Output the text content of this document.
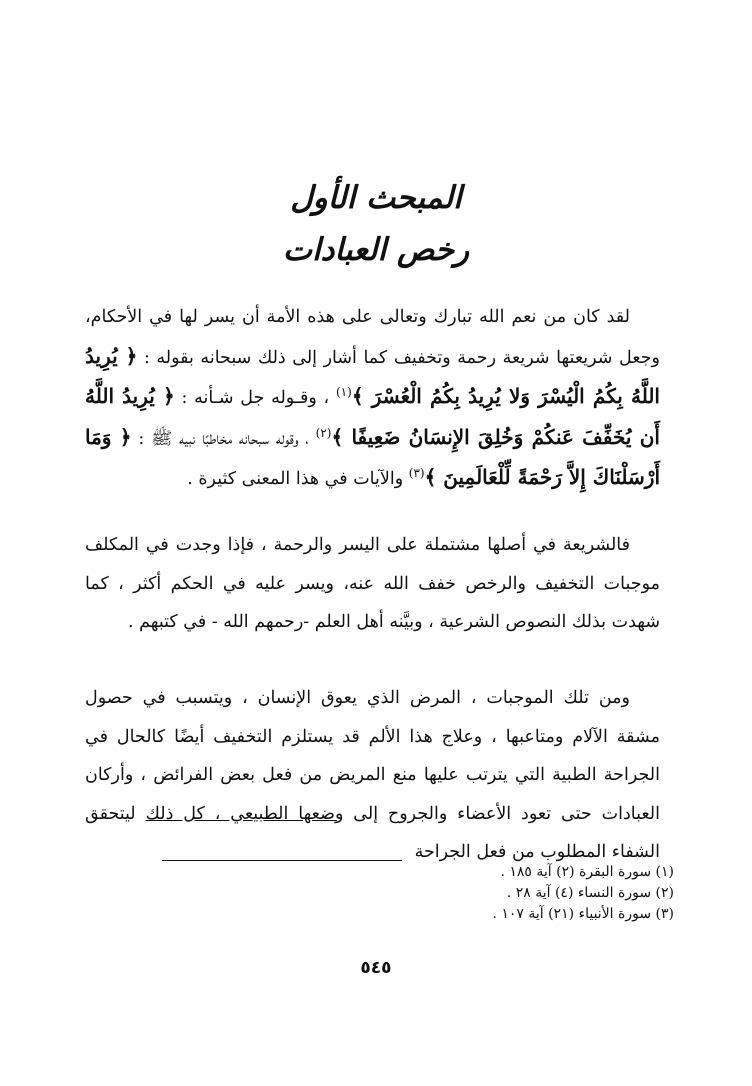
المبحث الأول
رخص العبادات

لقد كان من نعم الله تبارك وتعالى على هذه الأمة أن يسر لها في الأحكام، وجعل شريعتها شريعة رحمة وتخفيف كما أشار إلى ذلك سبحانه بقوله : ﴿ يُرِيدُ اللَّهُ بِكُمُ الْيُسْرَ وَلا يُرِيدُ بِكُمُ الْعُسْرَ ﴾$^{(١)}$ ، وقـوله جل شـأنه : ﴿ يُرِيدُ اللَّهُ أَن يُخَفِّفَ عَنكُمْ وَخُلِقَ الإِنسَانُ ضَعِيفًا ﴾$^{(٢)}$ ، وقوله سبحانه مخاطبًا نبيه ﷺ : ﴿ وَمَا أَرْسَلْنَاكَ إِلاَّ رَحْمَةً لِّلْعَالَمِينَ ﴾$^{(٣)}$ والآيات في هذا المعنى كثيرة .

فالشريعة في أصلها مشتملة على اليسر والرحمة ، فإذا وجدت في المكلف موجبات التخفيف والرخص خفف الله عنه، ويسر عليه في الحكم أكثر ، كما شهدت بذلك النصوص الشرعية ، وبيَّنه أهل العلم -رحمهم الله - في كتبهم .

ومن تلك الموجبات ، المرض الذي يعوق الإنسان ، ويتسبب في حصول مشقة الآلام ومتاعبها ، وعلاج هذا الألم قد يستلزم التخفيف أيضًا كالحال في الجراحة الطبية التي يترتب عليها منع المريض من فعل بعض الفرائض ، وأركان العبادات حتى تعود الأعضاء والجروح إلى وضعها الطبيعي ، كل ذلك ليتحقق الشفاء المطلوب من فعل الجراحة

(١) سورة البقرة (٢) آية ١٨٥ .
(٢) سورة النساء (٤) آية ٢٨ .
(٣) سورة الأنبياء (٢١) آية ١٠٧ .
٥٤٥
